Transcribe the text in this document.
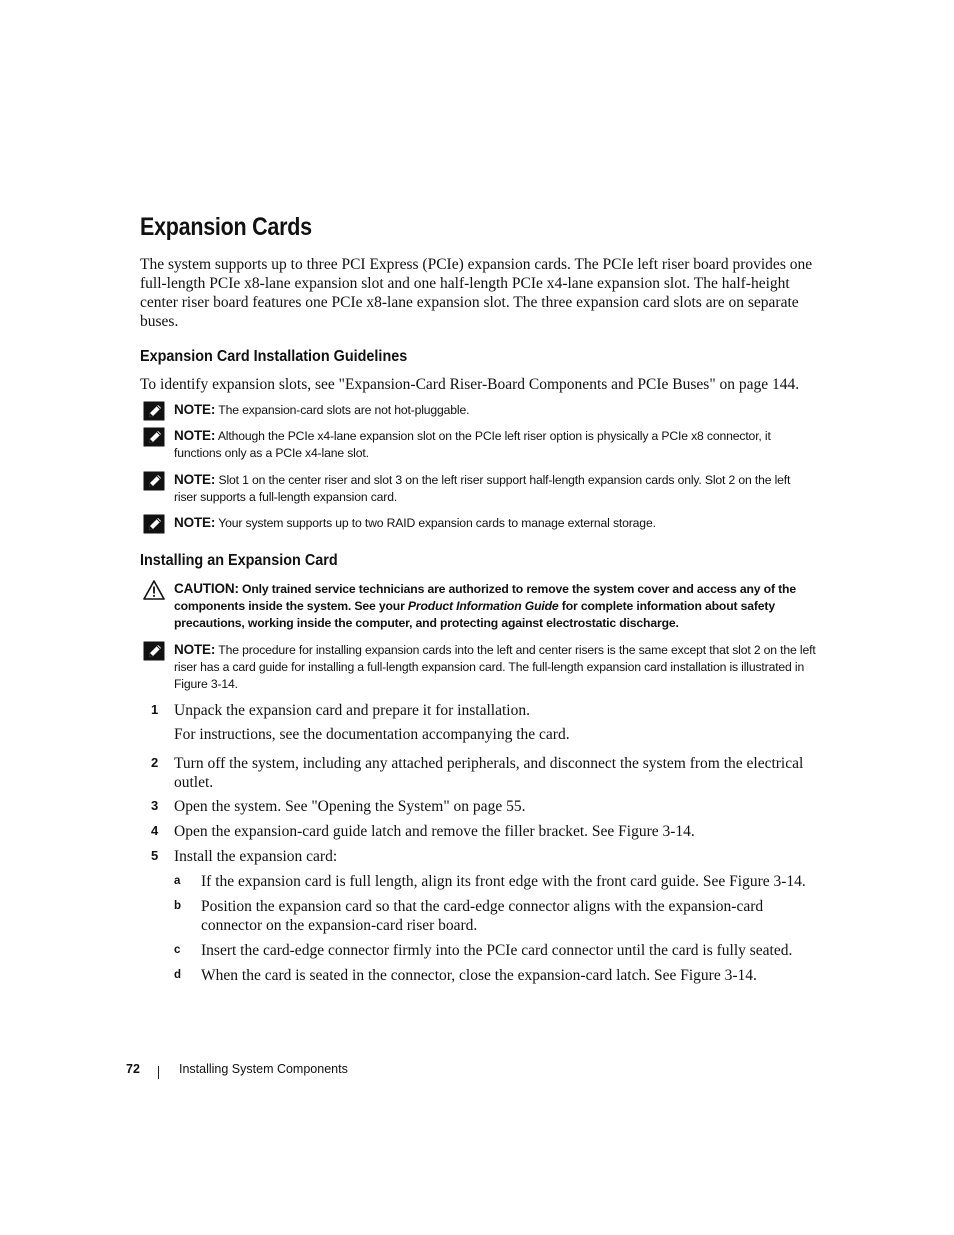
Expansion Cards
The system supports up to three PCI Express (PCIe) expansion cards. The PCIe left riser board provides one full-length PCIe x8-lane expansion slot and one half-length PCIe x4-lane expansion slot. The half-height center riser board features one PCIe x8-lane expansion slot. The three expansion card slots are on separate buses.
Expansion Card Installation Guidelines
To identify expansion slots, see "Expansion-Card Riser-Board Components and PCIe Buses" on page 144.
NOTE: The expansion-card slots are not hot-pluggable.
NOTE: Although the PCIe x4-lane expansion slot on the PCIe left riser option is physically a PCIe x8 connector, it functions only as a PCIe x4-lane slot.
NOTE: Slot 1 on the center riser and slot 3 on the left riser support half-length expansion cards only. Slot 2 on the left riser supports a full-length expansion card.
NOTE: Your system supports up to two RAID expansion cards to manage external storage.
Installing an Expansion Card
CAUTION: Only trained service technicians are authorized to remove the system cover and access any of the components inside the system. See your Product Information Guide for complete information about safety precautions, working inside the computer, and protecting against electrostatic discharge.
NOTE: The procedure for installing expansion cards into the left and center risers is the same except that slot 2 on the left riser has a card guide for installing a full-length expansion card. The full-length expansion card installation is illustrated in Figure 3-14.
1 Unpack the expansion card and prepare it for installation.
For instructions, see the documentation accompanying the card.
2 Turn off the system, including any attached peripherals, and disconnect the system from the electrical outlet.
3 Open the system. See "Opening the System" on page 55.
4 Open the expansion-card guide latch and remove the filler bracket. See Figure 3-14.
5 Install the expansion card:
a If the expansion card is full length, align its front edge with the front card guide. See Figure 3-14.
b Position the expansion card so that the card-edge connector aligns with the expansion-card connector on the expansion-card riser board.
c Insert the card-edge connector firmly into the PCIe card connector until the card is fully seated.
d When the card is seated in the connector, close the expansion-card latch. See Figure 3-14.
72	Installing System Components
